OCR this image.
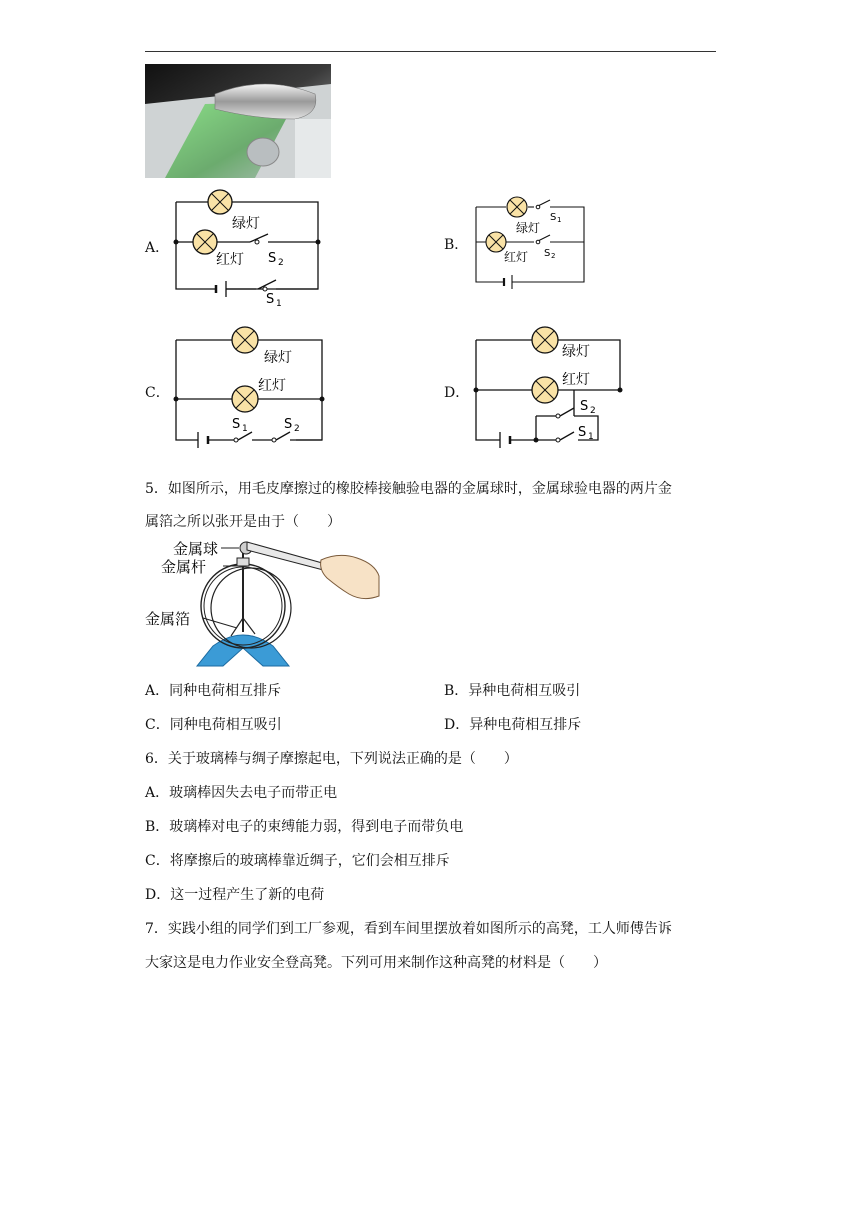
A．
绿灯
红灯 S 2
S 1
B．
绿灯
红灯
S 1
S 2
C．
绿灯
红灯
S 1	S 2
D．
绿灯
红灯
S 2
S 1
5．如图所示，用毛皮摩擦过的橡胶棒接触验电器的金属球时，金属球验电器的两片金
属箔之所以张开是由于（　　）
金属球
金属杆
金属箔
A．同种电荷相互排斥	B．异种电荷相互吸引
C．同种电荷相互吸引	D．异种电荷相互排斥
6．关于玻璃棒与绸子摩擦起电，下列说法正确的是（　　）
A．玻璃棒因失去电子而带正电
B．玻璃棒对电子的束缚能力弱，得到电子而带负电
C．将摩擦后的玻璃棒靠近绸子，它们会相互排斥
D．这一过程产生了新的电荷
7．实践小组的同学们到工厂参观，看到车间里摆放着如图所示的高凳，工人师傅告诉
大家这是电力作业安全登高凳。下列可用来制作这种高凳的材料是（　　）
